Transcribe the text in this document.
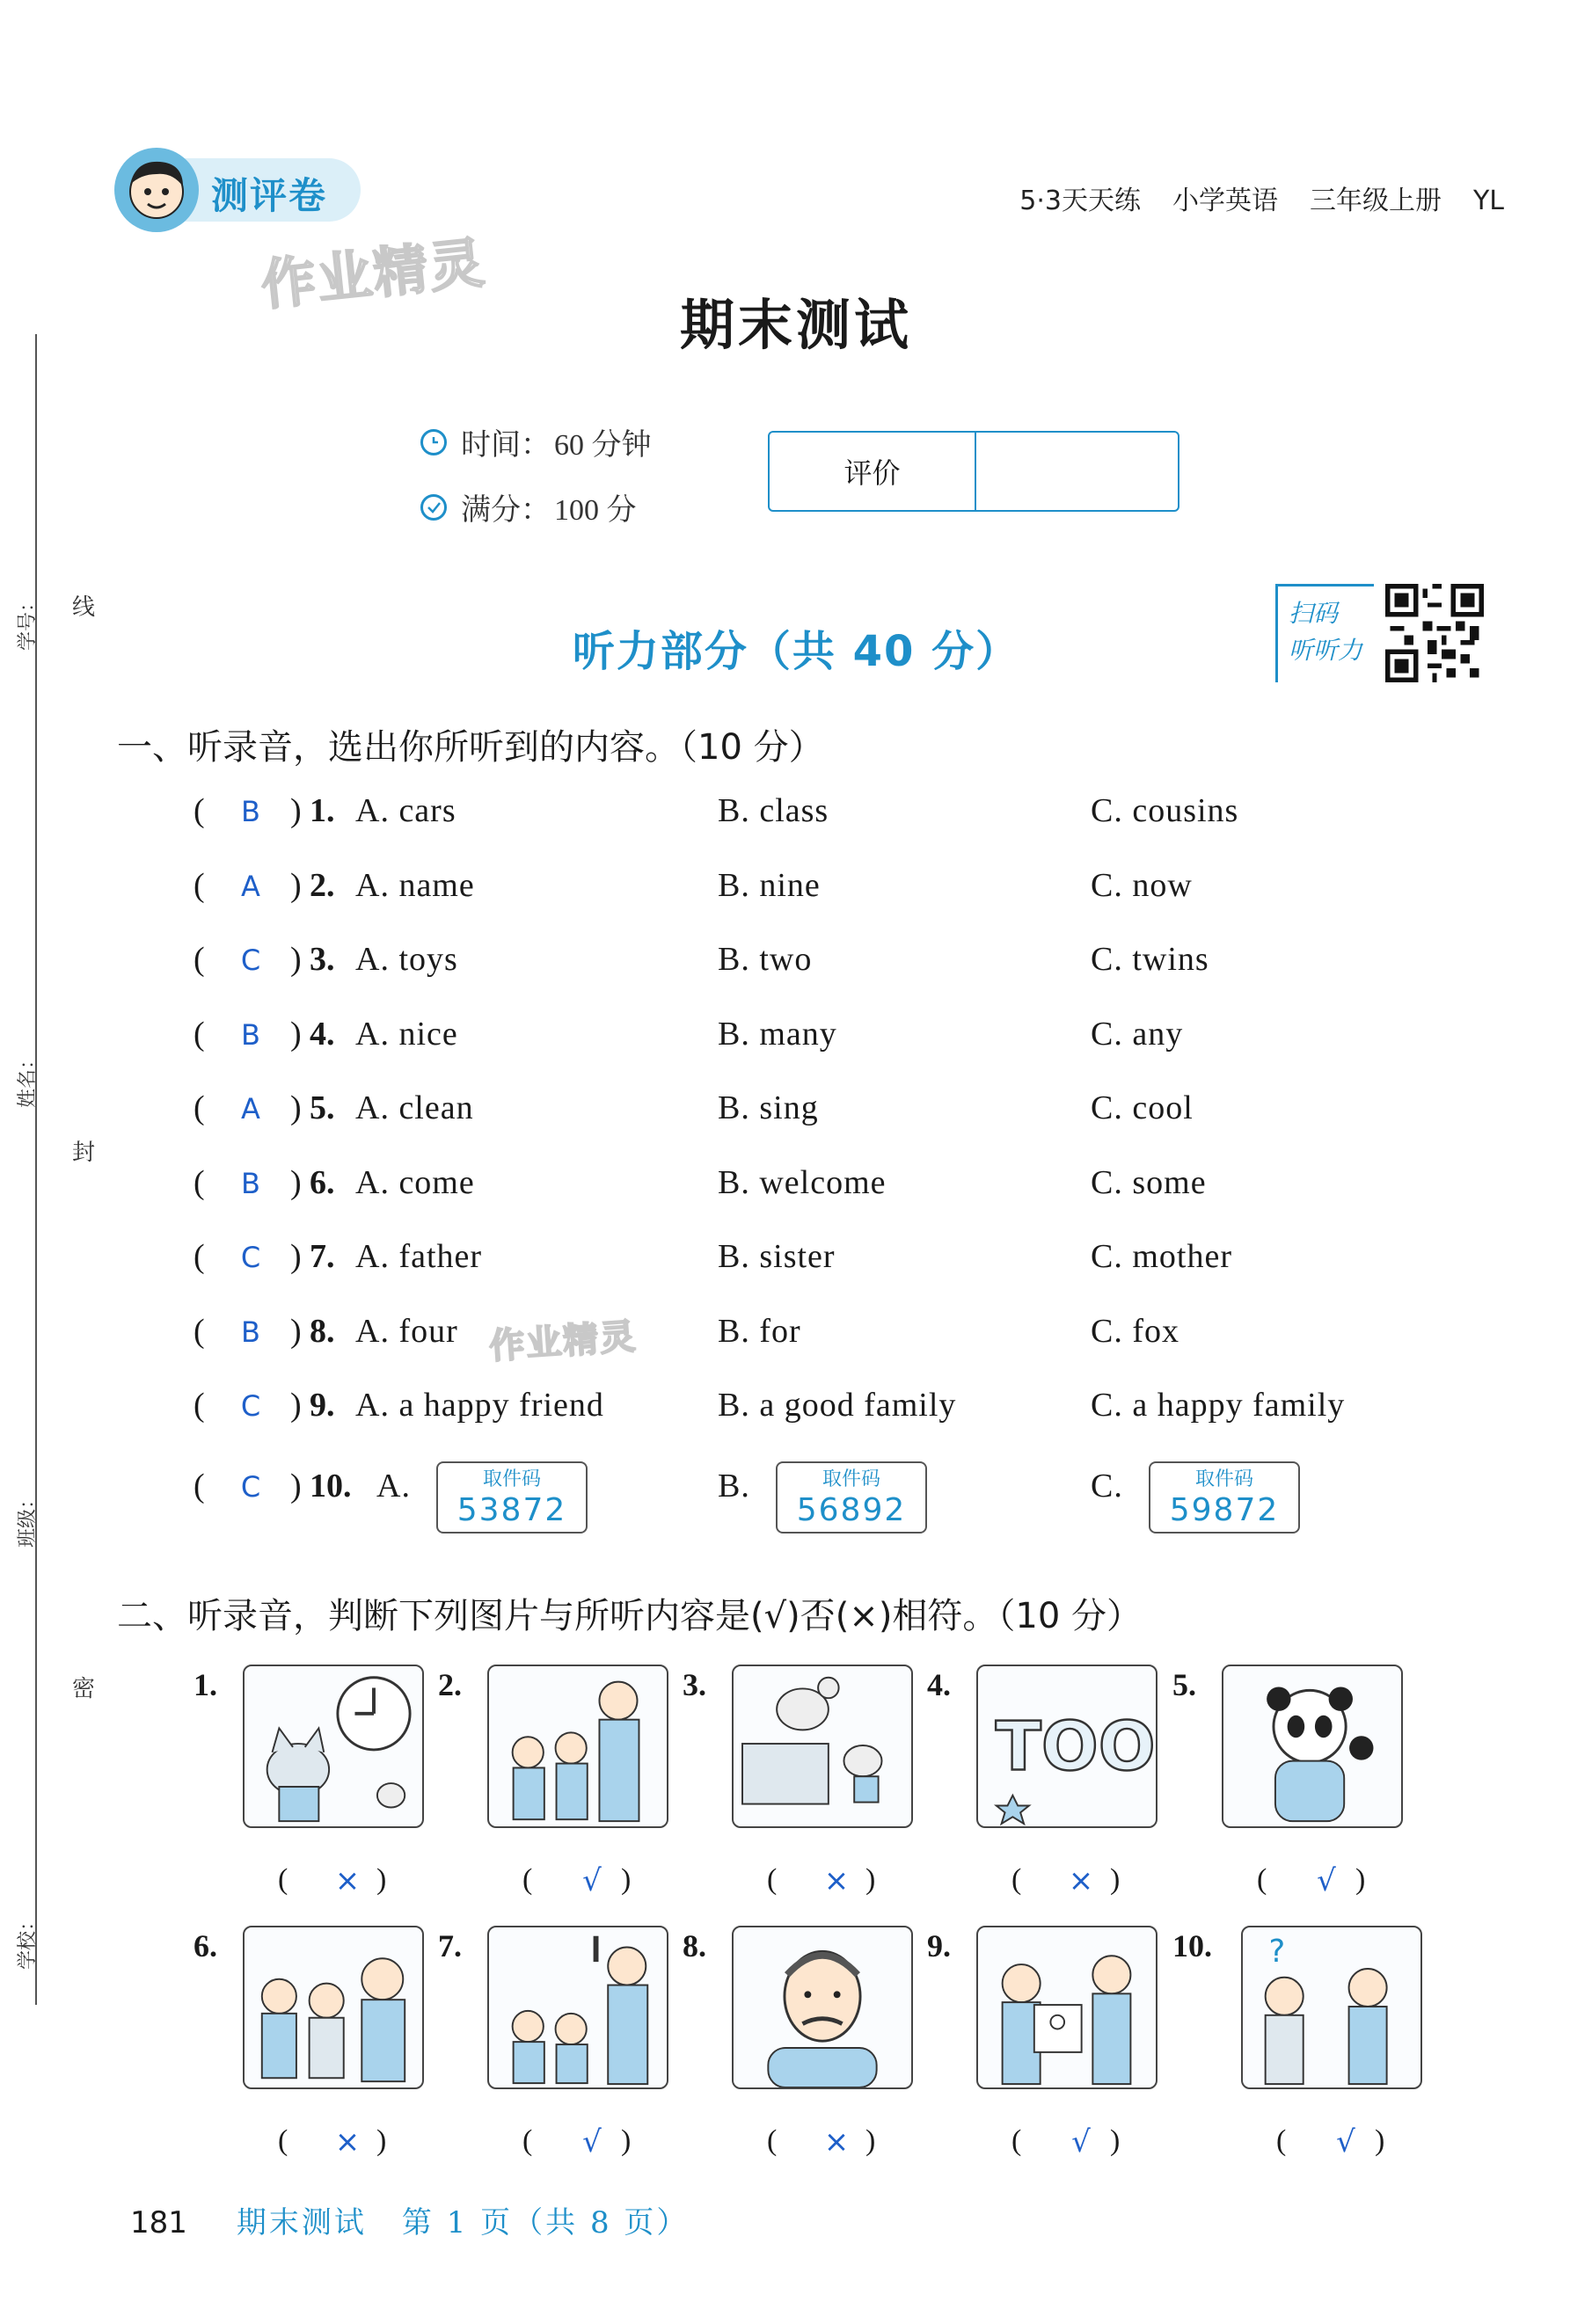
线
封
密
学号：
姓名：
班级：
学校：
测评卷
作业精灵
5·3天天练 小学英语 三年级上册 YL
期末测试
时间： 60 分钟
满分： 100 分
评价
听力部分（共 40 分）
扫码
听听力
一、听录音，选出你所听到的内容。（10 分）
( B ) 1. A. cars	B. class	C. cousins
( A ) 2. A. name	B. nine	C. now
( C ) 3. A. toys	B. two	C. twins
( B ) 4. A. nice	B. many	C. any
( A ) 5. A. clean	B. sing	C. cool
( B ) 6. A. come	B. welcome	C. some
( C ) 7. A. father	B. sister	C. mother
( B ) 8. A. four	B. for	C. fox
( C ) 9. A. a happy friend	B. a good family	C. a happy family
( C ) 10. A.	取件码
53872
B.	取件码
56892
C.	取件码
59872
二、听录音，判断下列图片与所听内容是(√)否(×)相符。（10 分）
1.
(	× )
2.
(	√ )
3.
(	× )
4.
TOO
(	× )
5.
(	√ )
6.
(	× )
7.
(	√ )
8.
(	× )
9.
(	√ )
10. ?
(	√ )
作业精灵
181 期末测试 第 1 页（共 8 页）
